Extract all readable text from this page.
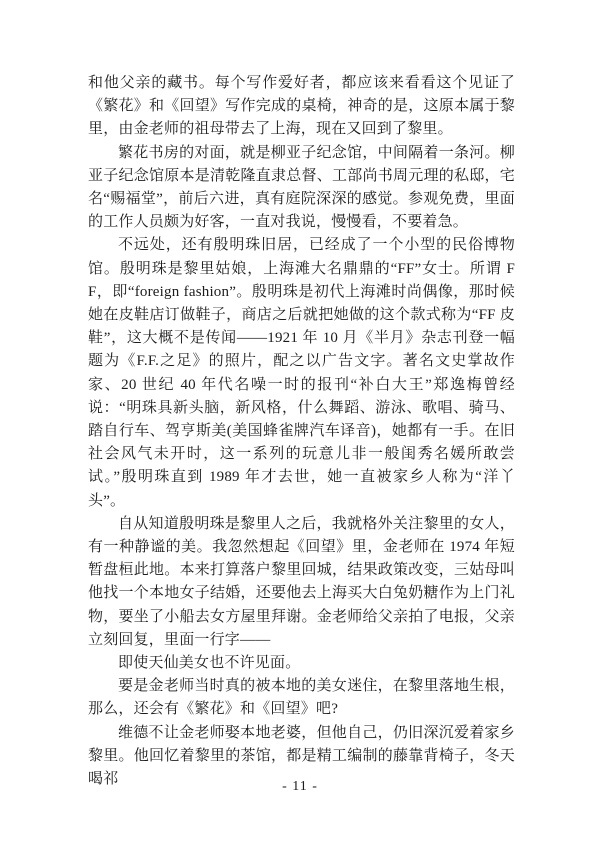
和他父亲的藏书。每个写作爱好者，都应该来看看这个见证了《繁花》和《回望》写作完成的桌椅，神奇的是，这原本属于黎里，由金老师的祖母带去了上海，现在又回到了黎里。

繁花书房的对面，就是柳亚子纪念馆，中间隔着一条河。柳亚子纪念馆原本是清乾隆直隶总督、工部尚书周元理的私邸，宅名“赐福堂”，前后六进，真有庭院深深的感觉。参观免费，里面的工作人员颇为好客，一直对我说，慢慢看，不要着急。

不远处，还有殷明珠旧居，已经成了一个小型的民俗博物馆。殷明珠是黎里姑娘，上海滩大名鼎鼎的“FF”女士。所谓 FF，即“foreign fashion”。殷明珠是初代上海滩时尚偶像，那时候她在皮鞋店订做鞋子，商店之后就把她做的这个款式称为“FF 皮鞋”，这大概不是传闻——1921 年 10 月《半月》杂志刊登一幅题为《F.F.之足》的照片，配之以广告文字。著名文史掌故作家、20 世纪 40 年代名噪一时的报刊“补白大王”郑逸梅曾经说：“明珠具新头脑，新风格，什么舞蹈、游泳、歌唱、骑马、踏自行车、驾亨斯美(美国蜂雀牌汽车译音)，她都有一手。在旧社会风气未开时，这一系列的玩意儿非一般闺秀名媛所敢尝试。”殷明珠直到 1989 年才去世，她一直被家乡人称为“洋丫头”。

自从知道殷明珠是黎里人之后，我就格外关注黎里的女人，有一种静谧的美。我忽然想起《回望》里，金老师在 1974 年短暂盘桓此地。本来打算落户黎里回城，结果政策改变，三姑母叫他找一个本地女子结婚，还要他去上海买大白兔奶糖作为上门礼物，要坐了小船去女方屋里拜谢。金老师给父亲拍了电报，父亲立刻回复，里面一行字——

即使天仙美女也不许见面。

要是金老师当时真的被本地的美女迷住，在黎里落地生根，那么，还会有《繁花》和《回望》吧?

维德不让金老师娶本地老婆，但他自己，仍旧深沉爱着家乡黎里。他回忆着黎里的茶馆，都是精工编制的藤靠背椅子，冬天喝祁	- 11 -
